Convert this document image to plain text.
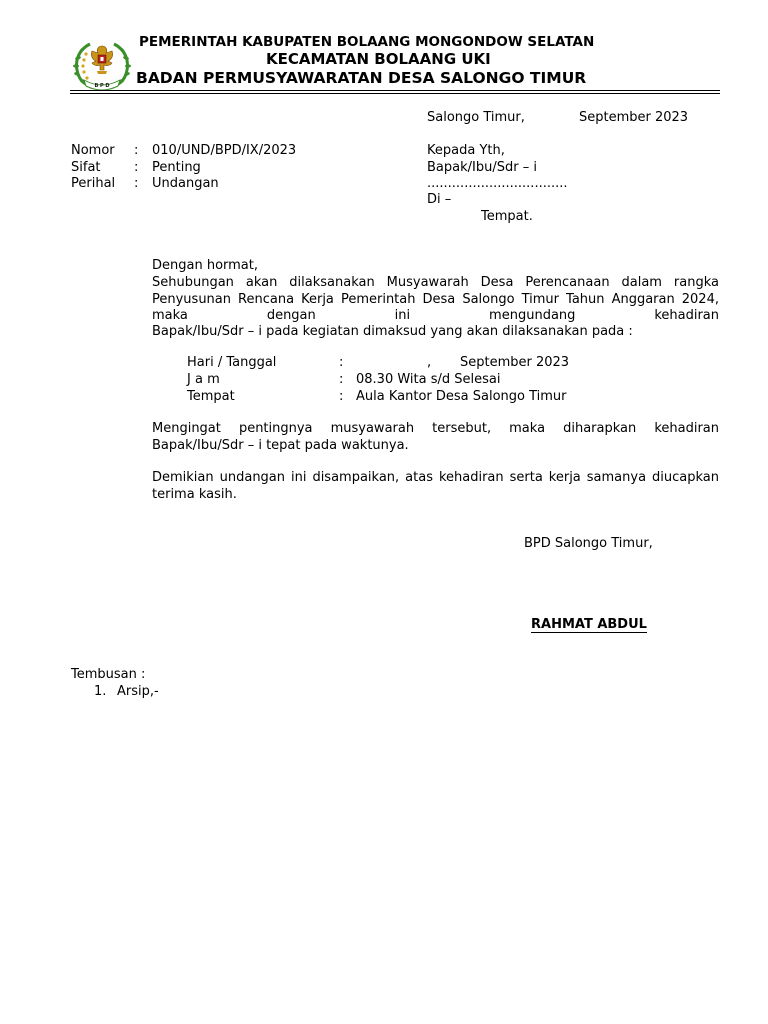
B P D
PEMERINTAH KABUPATEN BOLAANG MONGONDOW SELATAN
KECAMATAN BOLAANG UKI
BADAN PERMUSYAWARATAN DESA SALONGO TIMUR
Salongo Timur,	September 2023
Nomor : 010/UND/BPD/IX/2023
Sifat	: Penting
Perihal : Undangan
Kepada Yth,
Bapak/Ibu/Sdr – i
..................................
Di –
Tempat.
Dengan hormat,
Sehubungan akan dilaksanakan Musyawarah Desa Perencanaan dalam rangka Penyusunan Rencana Kerja Pemerintah Desa Salongo Timur Tahun Anggaran 2024, maka dengan ini mengundang kehadiran
Bapak/Ibu/Sdr – i pada kegiatan dimaksud yang akan dilaksanakan pada :
Hari / Tanggal	:	, September 2023
J a m	: 08.30 Wita s/d Selesai
Tempat	: Aula Kantor Desa Salongo Timur
Mengingat pentingnya musyawarah tersebut, maka diharapkan kehadiran Bapak/Ibu/Sdr – i tepat pada waktunya.
Demikian undangan ini disampaikan, atas kehadiran serta kerja samanya diucapkan terima kasih.
BPD Salongo Timur,
RAHMAT ABDUL
Tembusan :
1. Arsip,-
